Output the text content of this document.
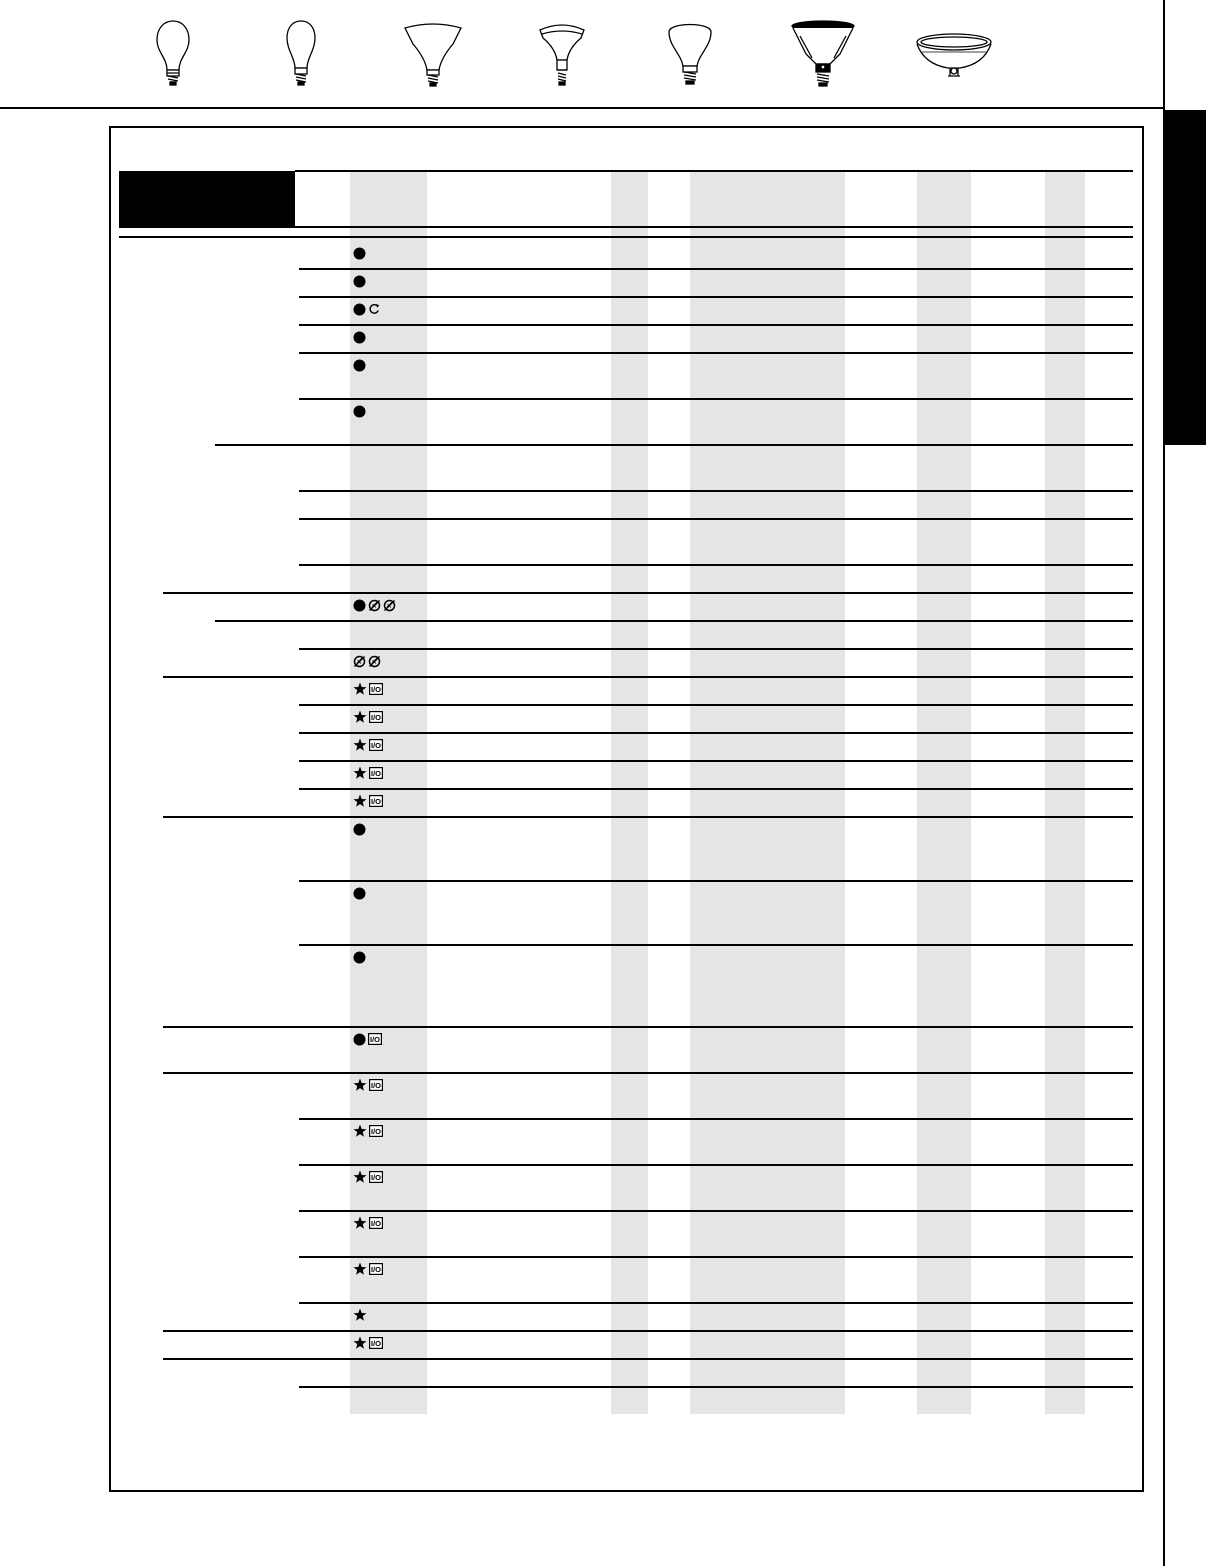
I/O
I/O
I/O
I/O
I/O
I/O
I/O
I/O
I/O
I/O
I/O
I/O
